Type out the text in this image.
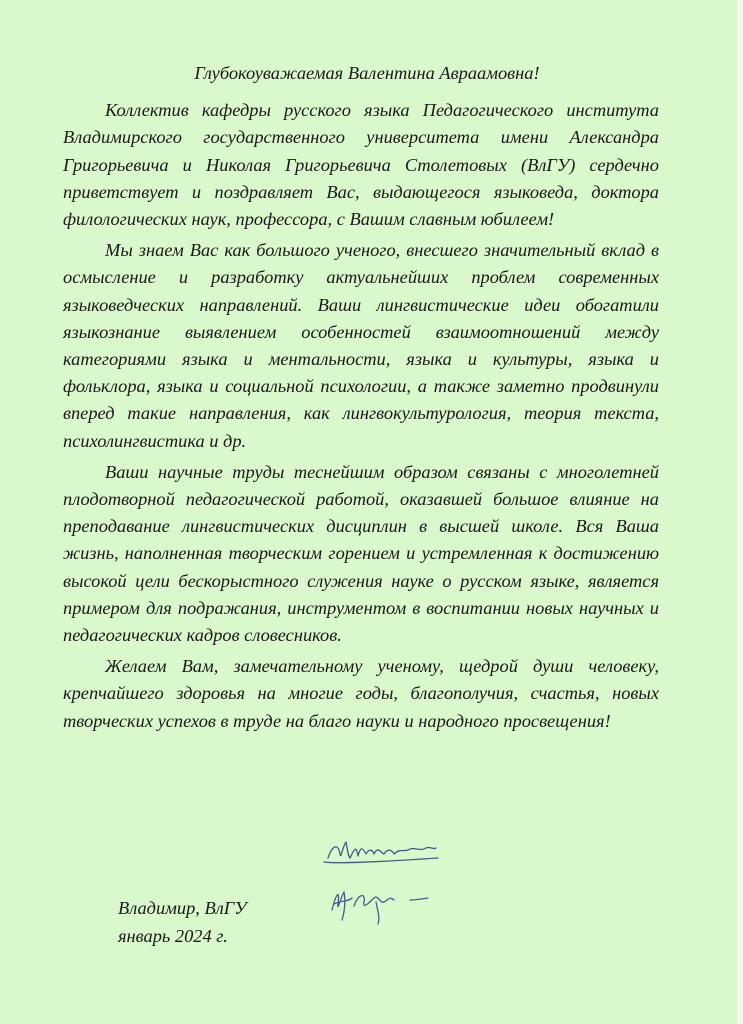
Глубокоуважаемая Валентина Авраамовна!

Коллектив кафедры русского языка Педагогического института Владимирского государственного университета имени Александра Григорьевича и Николая Григорьевича Столетовых (ВлГУ) сердечно приветствует и поздравляет Вас, выдающегося языковеда, доктора филологических наук, профессора, с Вашим славным юбилеем!

Мы знаем Вас как большого ученого, внесшего значительный вклад в осмысление и разработку актуальнейших проблем современных языковедческих направлений. Ваши лингвистические идеи обогатили языкознание выявлением особенностей взаимоотношений между категориями языка и ментальности, языка и культуры, языка и фольклора, языка и социальной психологии, а также заметно продвинули вперед такие направления, как лингвокультурология, теория текста, психолингвистика и др.

Ваши научные труды теснейшим образом связаны с многолетней плодотворной педагогической работой, оказавшей большое влияние на преподавание лингвистических дисциплин в высшей школе. Вся Ваша жизнь, наполненная творческим горением и устремленная к достижению высокой цели бескорыстного служения науке о русском языке, является примером для подражания, инструментом в воспитании новых научных и педагогических кадров словесников.

Желаем Вам, замечательному ученому, щедрой души человеку, крепчайшего здоровья на многие годы, благополучия, счастья, новых творческих успехов в труде на благо науки и народного просвещения!

Владимир, ВлГУ
январь 2024 г.
